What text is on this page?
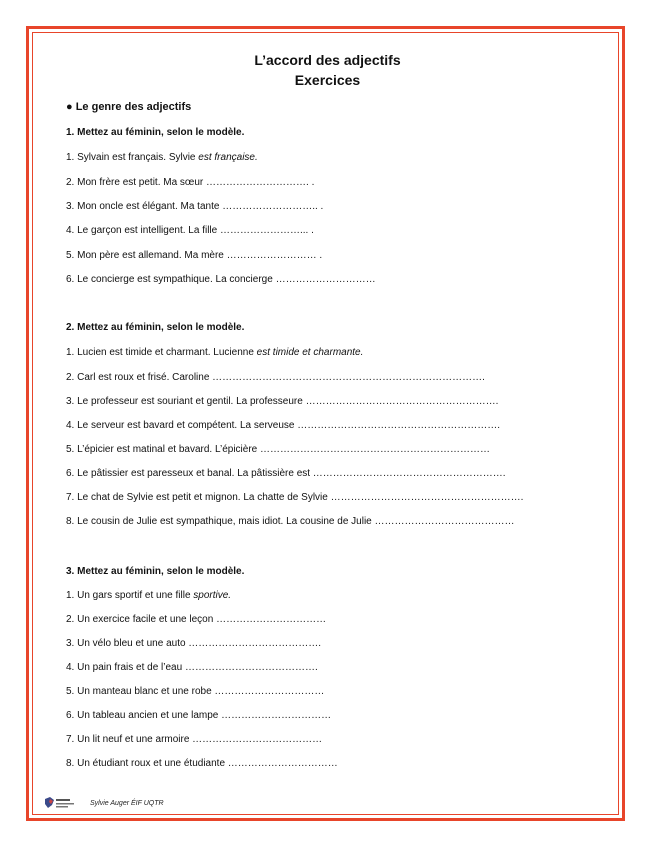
L’accord des adjectifs
Exercices
● Le genre des adjectifs
1. Mettez au féminin, selon le modèle.
1. Sylvain est français. Sylvie est française.
2. Mon frère est petit. Ma sœur …………………………. .
3. Mon oncle est élégant. Ma tante ……………………….. .
4. Le garçon est intelligent. La fille ……………………... .
5. Mon père est allemand. Ma mère ……………………… .
6. Le concierge est sympathique. La concierge …………………………
2. Mettez au féminin, selon le modèle.
1. Lucien est timide et charmant. Lucienne est timide et charmante.
2. Carl est roux et frisé. Caroline ……………………………………………………………………….
3. Le professeur est souriant et gentil. La professeure ………………………………………………….
4. Le serveur est bavard et compétent. La serveuse …………………………………………………….
5. L’épicier est matinal et bavard. L’épicière ……………………………………………………………
6. Le pâtissier est paresseux et banal. La pâtissière est ………………………………………………….
7. Le chat de Sylvie est petit et mignon. La chatte de Sylvie ………………………………………………….
8. Le cousin de Julie est sympathique, mais idiot. La cousine de Julie ……………………………………
3. Mettez au féminin, selon le modèle.
1. Un gars sportif et une fille sportive.
2. Un exercice facile et une leçon ……………………………
3. Un vélo bleu et une auto ………………………………….
4. Un pain frais et de l’eau ………………………………….
5. Un manteau blanc et une robe ……………………………
6. Un tableau ancien et une lampe ……………………………
7. Un lit neuf et une armoire …………………………………
8. Un étudiant roux et une étudiante ……………………………
Sylvie Auger ÉIF UQTR
